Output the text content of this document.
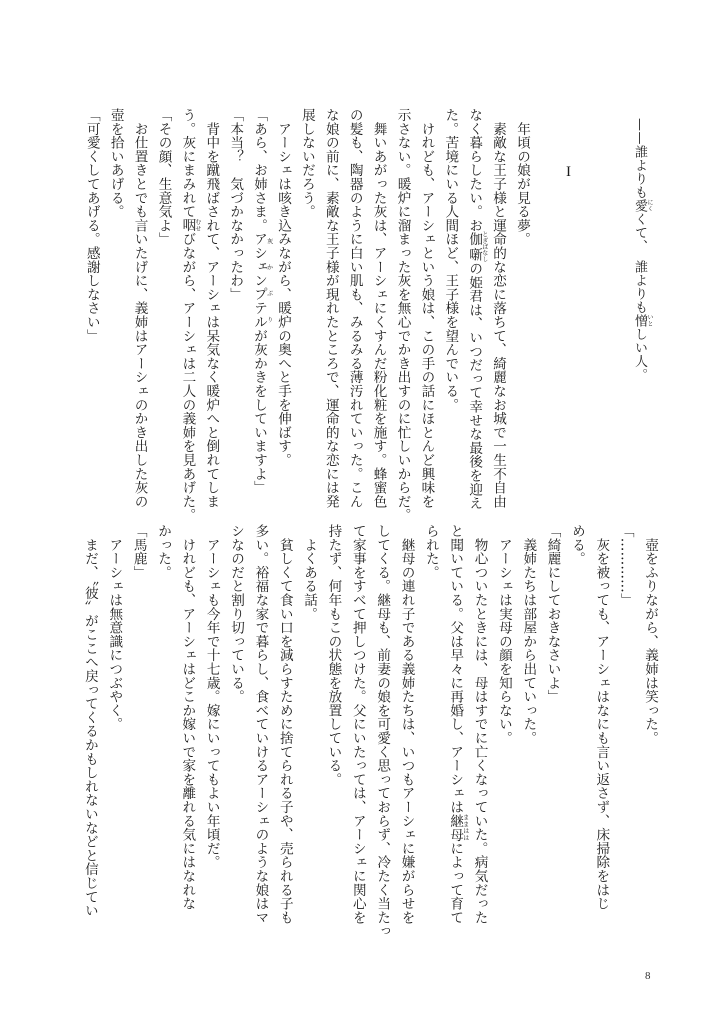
——誰よりも愛 にくくて、　誰よりも憎 いとしい人。
I
　年頃の娘が見る夢。
　素敵な王子様と運命的な恋に落ちて、綺麗なお城で一生不自由
なく暮らしたい。お伽噺とぎばなしの姫君は、いつだって幸せな最後を迎え
た。苦境にいる人間ほど、王子様を望んでいる。
　けれども、アーシェという娘は、この手の話にほとんど興味を
示さない。暖炉に溜まった灰を無心でかき出すのに忙しいからだ。
　舞いあがった灰は、アーシェにくすんだ粉化粧を施す。蜂蜜色
の髪も、陶器のように白い肌も、みるみる薄汚れていった。こん
な娘の前に、素敵な王子様が現れたところで、運命的な恋には発
展しないだろう。
　アーシェは咳き込みながら、暖炉の奥へと手を伸ばす。
「あら、お姉さま。アシェンプテル灰かぶりが灰かきをしていますよ」
「本当？　気づかなかったわ」
　背中を蹴飛ばされて、アーシェは呆気なく暖炉へと倒れてしま
う。灰にまみれて咽むせびながら、アーシェは二人の義姉を見あげた。
「その顔、生意気よ」
　お仕置きとでも言いたげに、義姉はアーシェのかき出した灰の
壺を拾いあげる。
「可愛くしてあげる。感謝しなさい」
　壺をふりながら、義姉は笑った。
「…………」
　灰を被っても、アーシェはなにも言い返さず、床掃除をはじ
める。
「綺麗にしておきなさいよ」
　義姉たちは部屋から出ていった。
　アーシェは実母の顔を知らない。
　物心ついたときには、母はすでに亡くなっていた。病気だった
と聞いている。父は早々に再婚し、アーシェは継母ままははによって育て
られた。
　継母の連れ子である義姉たちは、いつもアーシェに嫌がらせを
してくる。継母も、前妻の娘を可愛く思っておらず、冷たく当たっ
て家事をすべて押しつけた。父にいたっては、アーシェに関心を
持たず、何年もこの状態を放置している。
　よくある話。
　貧しくて食い口を減らすために捨てられる子や、売られる子も
多い。裕福な家で暮らし、食べていけるアーシェのような娘はマ
シなのだと割り切っている。
　アーシェも今年で十七歳。嫁にいってもよい年頃だ。
　けれども、アーシェはどこか嫁いで家を離れる気にはなれな
かった。
「馬鹿」
　アーシェは無意識につぶやく。
　まだ、〝彼〟がここへ戻ってくるかもしれないなどと信じてい
8
